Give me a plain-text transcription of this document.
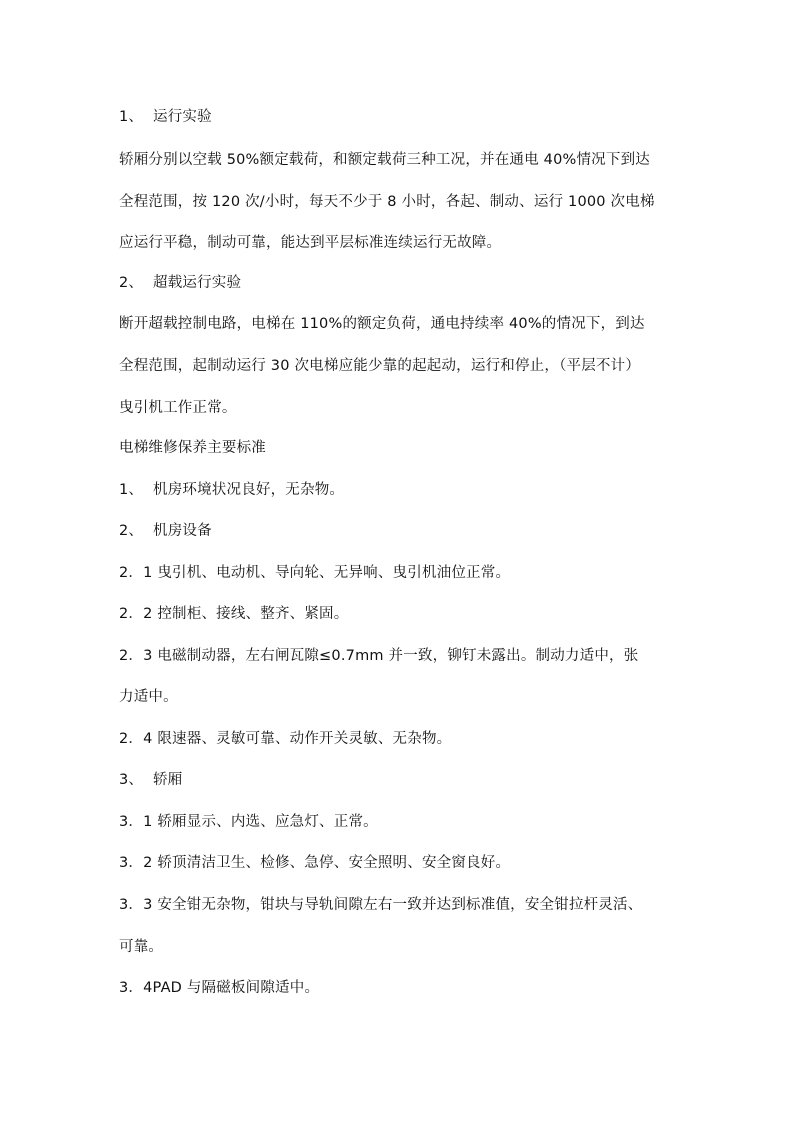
1、 运行实验
轿厢分别以空载 50%额定载荷，和额定载荷三种工况，并在通电 40%情况下到达
全程范围，按 120 次/小时，每天不少于 8 小时，各起、制动、运行 1000 次电梯
应运行平稳，制动可靠，能达到平层标准连续运行无故障。
2、 超载运行实验
断开超载控制电路，电梯在 110%的额定负荷，通电持续率 40%的情况下，到达
全程范围，起制动运行 30 次电梯应能少靠的起起动，运行和停止，（平层不计）
曳引机工作正常。
电梯维修保养主要标准
1、 机房环境状况良好，无杂物。
2、 机房设备
2．1 曳引机、电动机、导向轮、无异响、曳引机油位正常。
2．2 控制柜、接线、整齐、紧固。
2．3 电磁制动器，左右闸瓦隙≤0.7mm 并一致，铆钉未露出。制动力适中，张
力适中。
2．4 限速器、灵敏可靠、动作开关灵敏、无杂物。
3、 轿厢
3．1 轿厢显示、内选、应急灯、正常。
3．2 轿顶清洁卫生、检修、急停、安全照明、安全窗良好。
3．3 安全钳无杂物，钳块与导轨间隙左右一致并达到标准值，安全钳拉杆灵活、
可靠。
3．4PAD 与隔磁板间隙适中。
